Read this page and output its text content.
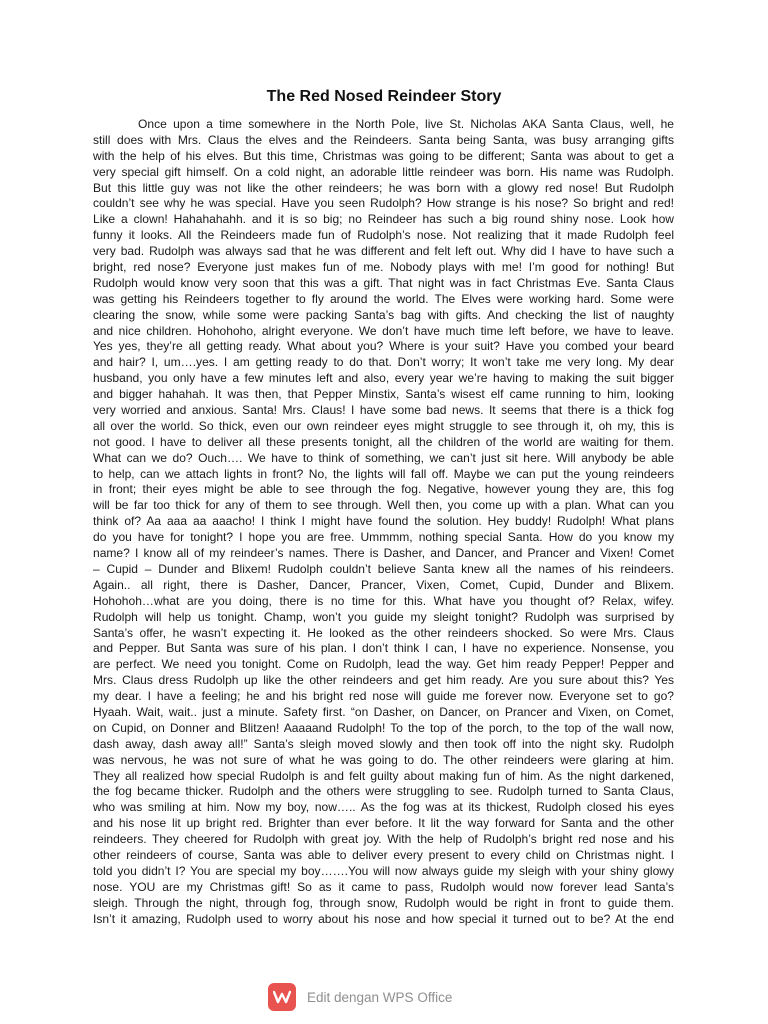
The Red Nosed Reindeer Story
Once upon a time somewhere in the North Pole, live St. Nicholas AKA Santa Claus, well, he
still does with Mrs. Claus the elves and the Reindeers. Santa being Santa, was busy arranging gifts
with the help of his elves. But this time, Christmas was going to be different; Santa was about to get a
very special gift himself. On a cold night, an adorable little reindeer was born. His name was Rudolph.
But this little guy was not like the other reindeers; he was born with a glowy red nose! But Rudolph
couldn’t see why he was special. Have you seen Rudolph? How strange is his nose? So bright and red!
Like a clown! Hahahahahh. and it is so big; no Reindeer has such a big round shiny nose. Look how
funny it looks. All the Reindeers made fun of Rudolph’s nose. Not realizing that it made Rudolph feel
very bad. Rudolph was always sad that he was different and felt left out. Why did I have to have such a
bright, red nose? Everyone just makes fun of me. Nobody plays with me! I’m good for nothing! But
Rudolph would know very soon that this was a gift. That night was in fact Christmas Eve. Santa Claus
was getting his Reindeers together to fly around the world. The Elves were working hard. Some were
clearing the snow, while some were packing Santa’s bag with gifts. And checking the list of naughty
and nice children. Hohohoho, alright everyone. We don’t have much time left before, we have to leave.
Yes yes, they’re all getting ready. What about you? Where is your suit? Have you combed your beard
and hair? I, um….yes. I am getting ready to do that. Don’t worry; It won’t take me very long. My dear
husband, you only have a few minutes left and also, every year we’re having to making the suit bigger
and bigger hahahah. It was then, that Pepper Minstix, Santa’s wisest elf came running to him, looking
very worried and anxious. Santa! Mrs. Claus! I have some bad news. It seems that there is a thick fog
all over the world. So thick, even our own reindeer eyes might struggle to see through it, oh my, this is
not good. I have to deliver all these presents tonight, all the children of the world are waiting for them.
What can we do? Ouch…. We have to think of something, we can’t just sit here. Will anybody be able
to help, can we attach lights in front? No, the lights will fall off. Maybe we can put the young reindeers
in front; their eyes might be able to see through the fog. Negative, however young they are, this fog
will be far too thick for any of them to see through. Well then, you come up with a plan. What can you
think of? Aa aaa aa aaacho! I think I might have found the solution. Hey buddy! Rudolph! What plans
do you have for tonight? I hope you are free. Ummmm, nothing special Santa. How do you know my
name? I know all of my reindeer’s names. There is Dasher, and Dancer, and Prancer and Vixen! Comet
– Cupid – Dunder and Blixem! Rudolph couldn’t believe Santa knew all the names of his reindeers.
Again.. all right, there is Dasher, Dancer, Prancer, Vixen, Comet, Cupid, Dunder and Blixem.
Hohohoh…what are you doing, there is no time for this. What have you thought of? Relax, wifey.
Rudolph will help us tonight. Champ, won’t you guide my sleight tonight? Rudolph was surprised by
Santa’s offer, he wasn’t expecting it. He looked as the other reindeers shocked. So were Mrs. Claus
and Pepper. But Santa was sure of his plan. I don’t think I can, I have no experience. Nonsense, you
are perfect. We need you tonight. Come on Rudolph, lead the way. Get him ready Pepper! Pepper and
Mrs. Claus dress Rudolph up like the other reindeers and get him ready. Are you sure about this? Yes
my dear. I have a feeling; he and his bright red nose will guide me forever now. Everyone set to go?
Hyaah. Wait, wait.. just a minute. Safety first. “on Dasher, on Dancer, on Prancer and Vixen, on Comet,
on Cupid, on Donner and Blitzen! Aaaaand Rudolph! To the top of the porch, to the top of the wall now,
dash away, dash away all!” Santa’s sleigh moved slowly and then took off into the night sky. Rudolph
was nervous, he was not sure of what he was going to do. The other reindeers were glaring at him.
They all realized how special Rudolph is and felt guilty about making fun of him. As the night darkened,
the fog became thicker. Rudolph and the others were struggling to see. Rudolph turned to Santa Claus,
who was smiling at him. Now my boy, now….. As the fog was at its thickest, Rudolph closed his eyes
and his nose lit up bright red. Brighter than ever before. It lit the way forward for Santa and the other
reindeers. They cheered for Rudolph with great joy. With the help of Rudolph’s bright red nose and his
other reindeers of course, Santa was able to deliver every present to every child on Christmas night. I
told you didn’t I? You are special my boy…….You will now always guide my sleigh with your shiny glowy
nose. YOU are my Christmas gift! So as it came to pass, Rudolph would now forever lead Santa’s
sleigh. Through the night, through fog, through snow, Rudolph would be right in front to guide them.
Isn’t it amazing, Rudolph used to worry about his nose and how special it turned out to be? At the end
Edit dengan WPS Office
